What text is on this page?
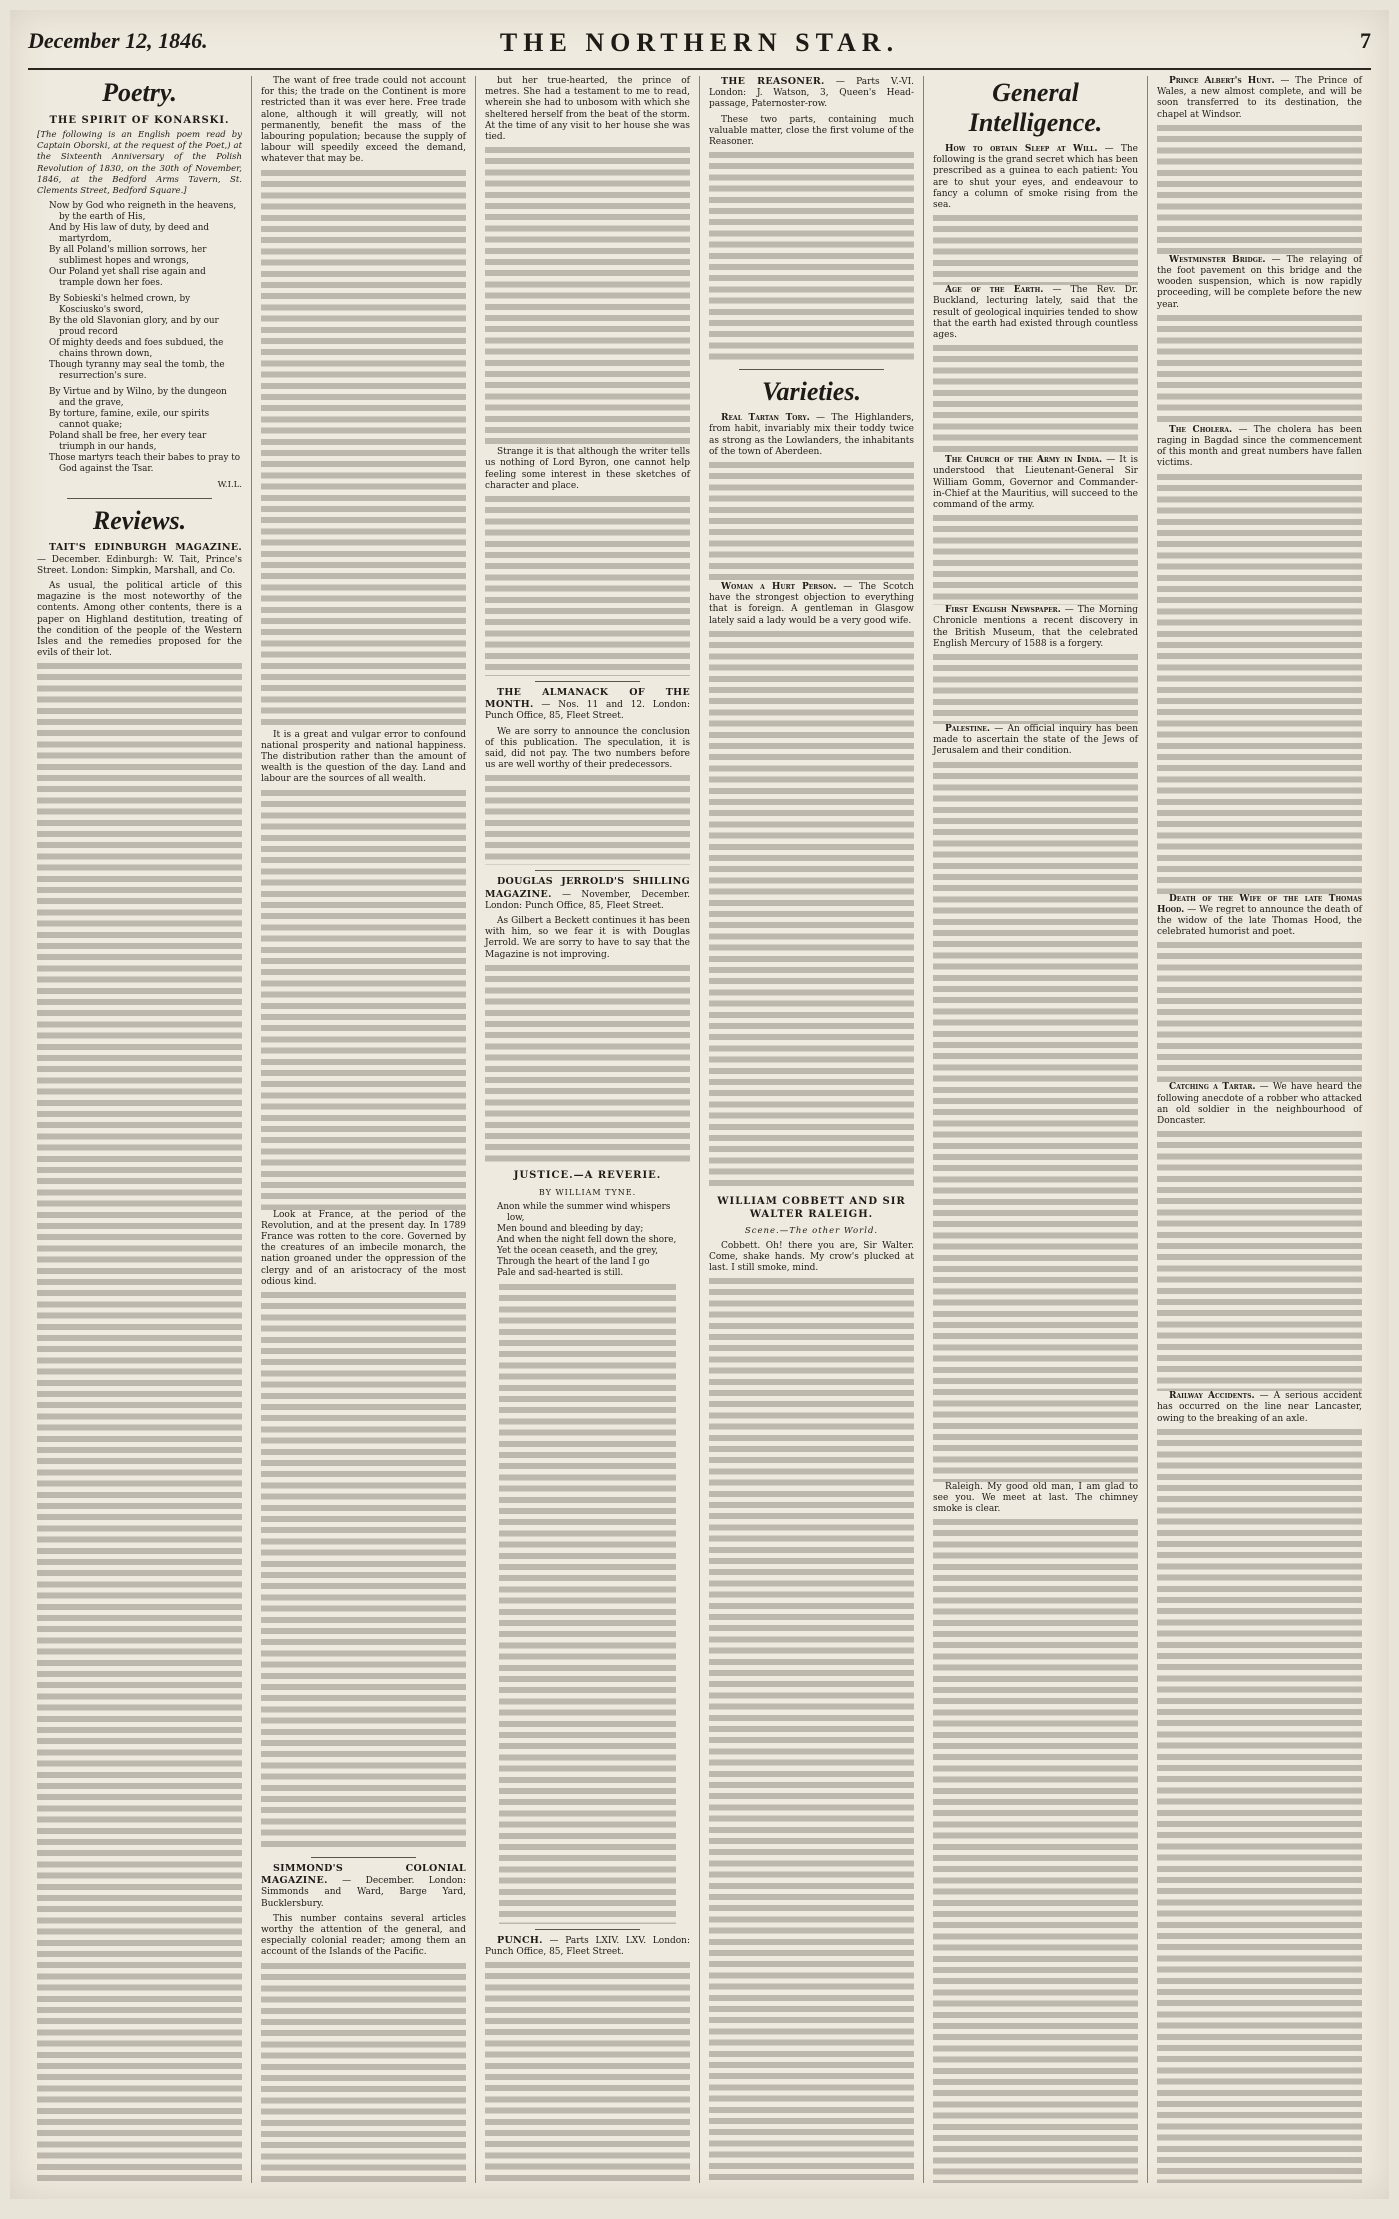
December 12, 1846.	THE NORTHERN STAR.	7
Poetry.
THE SPIRIT OF KONARSKI.

[The following is an English poem read by Captain Oborski, at the request of the Poet,) at the Sixteenth Anniversary of the Polish Revolution of 1830, on the 30th of November, 1846, at the Bedford Arms Tavern, St. Clements Street, Bedford Square.]

Now by God who reigneth in the heavens, by the earth of His,
And by His law of duty, by deed and martyrdom,
By all Poland's million sorrows, her sublimest hopes and wrongs,
Our Poland yet shall rise again and trample down her foes.
By Sobieski's helmed crown, by Kosciusko's sword,
By the old Slavonian glory, and by our proud record
Of mighty deeds and foes subdued, the chains thrown down,
Though tyranny may seal the tomb, the resurrection's sure.
By Virtue and by Wilno, by the dungeon and the grave,
By torture, famine, exile, our spirits cannot quake;
Poland shall be free, her every tear triumph in our hands,
Those martyrs teach their babes to pray to God against the Tsar.
W.I.L.
Reviews.

TAIT'S EDINBURGH MAGAZINE. — December. Edinburgh: W. Tait, Prince's Street. London: Simpkin, Marshall, and Co.

As usual, the political article of this magazine is the most noteworthy of the contents. Among other contents, there is a paper on Highland destitution, treating of the condition of the people of the Western Isles and the remedies proposed for the evils of their lot.

The want of free trade could not account for this; the trade on the Continent is more restricted than it was ever here. Free trade alone, although it will greatly, will not permanently, benefit the mass of the labouring population; because the supply of labour will speedily exceed the demand, whatever that may be.

It is a great and vulgar error to confound national prosperity and national happiness. The distribution rather than the amount of wealth is the question of the day. Land and labour are the sources of all wealth.

Look at France, at the period of the Revolution, and at the present day. In 1789 France was rotten to the core. Governed by the creatures of an imbecile monarch, the nation groaned under the oppression of the clergy and of an aristocracy of the most odious kind.

SIMMOND'S COLONIAL MAGAZINE. — December. London: Simmonds and Ward, Barge Yard, Bucklersbury.

This number contains several articles worthy the attention of the general, and especially colonial reader; among them an account of the Islands of the Pacific.

but her true-hearted, the prince of metres. She had a testament to me to read, wherein she had to unbosom with which she sheltered herself from the beat of the storm. At the time of any visit to her house she was tied.

Strange it is that although the writer tells us nothing of Lord Byron, one cannot help feeling some interest in these sketches of character and place.

THE ALMANACK OF THE MONTH. — Nos. 11 and 12. London: Punch Office, 85, Fleet Street.

We are sorry to announce the conclusion of this publication. The speculation, it is said, did not pay. The two numbers before us are well worthy of their predecessors.

DOUGLAS JERROLD'S SHILLING MAGAZINE. — November, December. London: Punch Office, 85, Fleet Street.

As Gilbert a Beckett continues it has been with him, so we fear it is with Douglas Jerrold. We are sorry to have to say that the Magazine is not improving.

JUSTICE.—A REVERIE.
BY WILLIAM TYNE.
Anon while the summer wind whispers low,
Men bound and bleeding by day;
And when the night fell down the shore,
Yet the ocean ceaseth, and the grey,
Through the heart of the land I go
Pale and sad-hearted is still.

PUNCH. — Parts LXIV. LXV. London: Punch Office, 85, Fleet Street.

THE REASONER. — Parts V.-VI. London: J. Watson, 3, Queen's Head-passage, Paternoster-row.

These two parts, containing much valuable matter, close the first volume of the Reasoner.

Varieties.

Real Tartan Tory. — The Highlanders, from habit, invariably mix their toddy twice as strong as the Lowlanders, the inhabitants of the town of Aberdeen.

Woman a Hurt Person. — The Scotch have the strongest objection to everything that is foreign. A gentleman in Glasgow lately said a lady would be a very good wife.

WILLIAM COBBETT AND SIR WALTER RALEIGH.
Scene.—The other World.

Cobbett. Oh! there you are, Sir Walter. Come, shake hands. My crow's plucked at last. I still smoke, mind.

General Intelligence.

How to obtain Sleep at Will. — The following is the grand secret which has been prescribed as a guinea to each patient: You are to shut your eyes, and endeavour to fancy a column of smoke rising from the sea.

Age of the Earth. — The Rev. Dr. Buckland, lecturing lately, said that the result of geological inquiries tended to show that the earth had existed through countless ages.

The Church of the Army in India. — It is understood that Lieutenant-General Sir William Gomm, Governor and Commander-in-Chief at the Mauritius, will succeed to the command of the army.

First English Newspaper. — The Morning Chronicle mentions a recent discovery in the British Museum, that the celebrated English Mercury of 1588 is a forgery.

Palestine. — An official inquiry has been made to ascertain the state of the Jews of Jerusalem and their condition.

Raleigh. My good old man, I am glad to see you. We meet at last. The chimney smoke is clear.

Prince Albert's Hunt. — The Prince of Wales, a new almost complete, and will be soon transferred to its destination, the chapel at Windsor.

Westminster Bridge. — The relaying of the foot pavement on this bridge and the wooden suspension, which is now rapidly proceeding, will be complete before the new year.

The Cholera. — The cholera has been raging in Bagdad since the commencement of this month and great numbers have fallen victims.

Death of the Wife of the late Thomas Hood. — We regret to announce the death of the widow of the late Thomas Hood, the celebrated humorist and poet.

Catching a Tartar. — We have heard the following anecdote of a robber who attacked an old soldier in the neighbourhood of Doncaster.

Railway Accidents. — A serious accident has occurred on the line near Lancaster, owing to the breaking of an axle.
